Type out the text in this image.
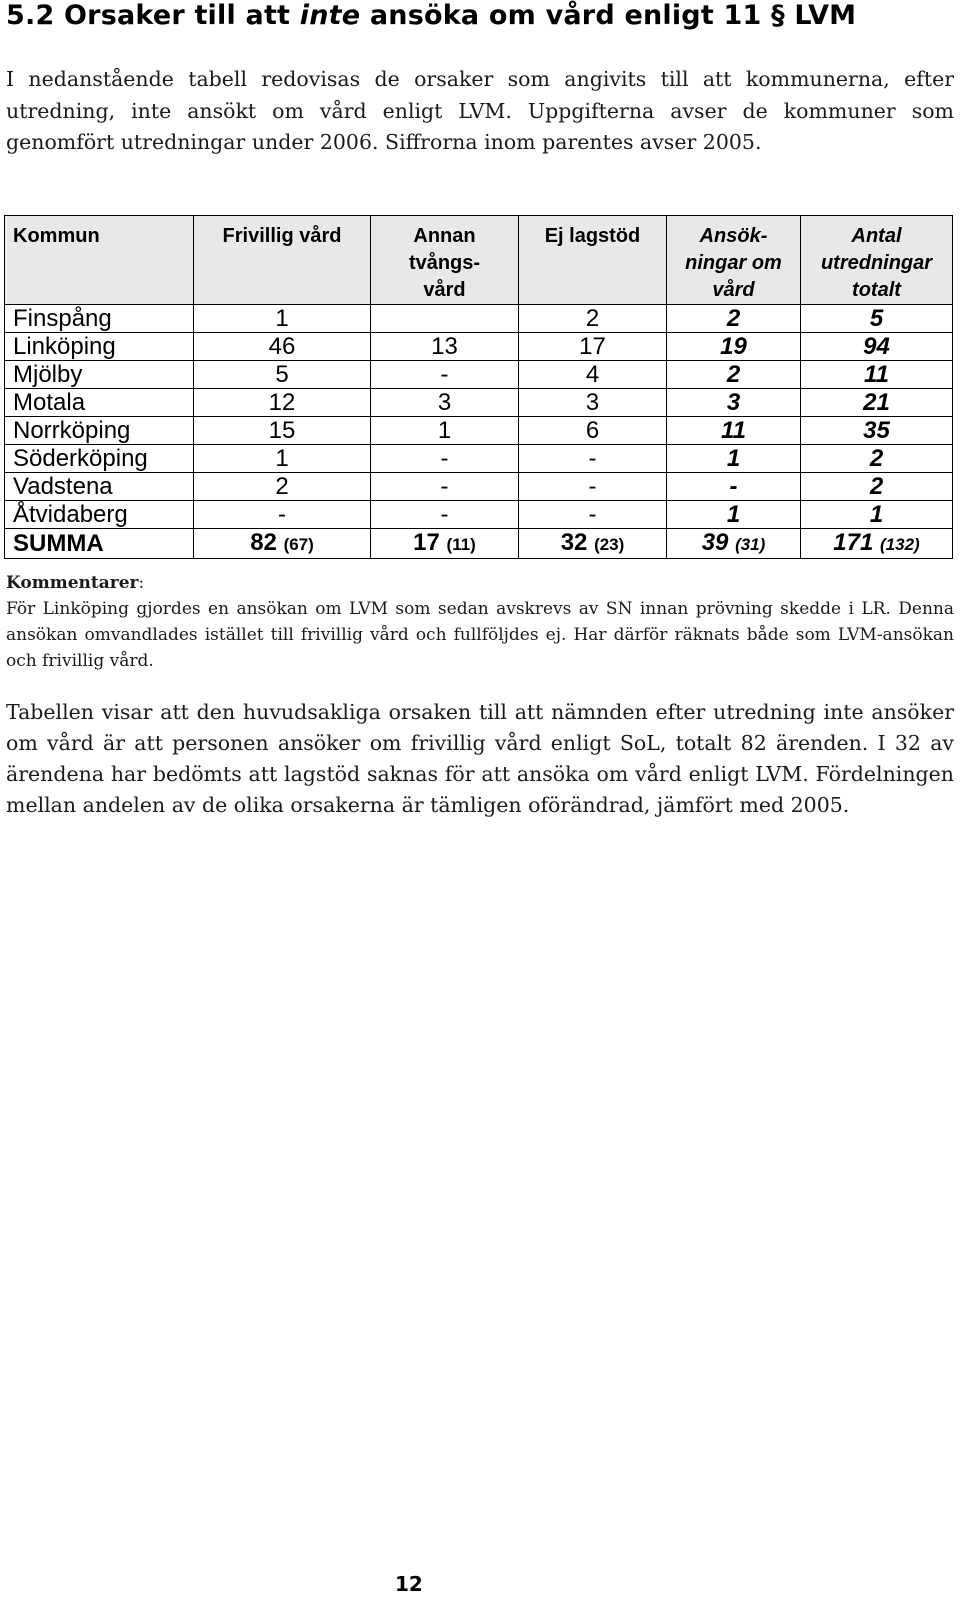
5.2 Orsaker till att inte ansöka om vård enligt 11 § LVM

I nedanstående tabell redovisas de orsaker som angivits till att kommunerna, efter utredning, inte ansökt om vård enligt LVM. Uppgifterna avser de kommuner som genomfört utredningar under 2006. Siffrorna inom parentes avser 2005.

Kommun	Frivillig vård	Annan tvångs-vård	Ej lagstöd	Ansök-ningar om vård	Antal utredningar totalt
Finspång	1		2	2	5
Linköping	46	13	17	19	94
Mjölby	5	-	4	2	11
Motala	12	3	3	3	21
Norrköping	15	1	6	11	35
Söderköping	1	-	-	1	2
Vadstena	2	-	-	-	2
Åtvidaberg	-	-	-	1	1
SUMMA	82 (67)	17 (11)	32 (23)	39 (31)	171 (132)
Kommentarer:
För Linköping gjordes en ansökan om LVM som sedan avskrevs av SN innan prövning skedde i LR. Denna ansökan omvandlades istället till frivillig vård och fullföljdes ej. Har därför räknats både som LVM-ansökan och frivillig vård.

Tabellen visar att den huvudsakliga orsaken till att nämnden efter utredning inte ansöker om vård är att personen ansöker om frivillig vård enligt SoL, totalt 82 ärenden. I 32 av ärendena har bedömts att lagstöd saknas för att ansöka om vård enligt LVM. Fördelningen mellan andelen av de olika orsakerna är tämligen oförändrad, jämfört med 2005.

12
